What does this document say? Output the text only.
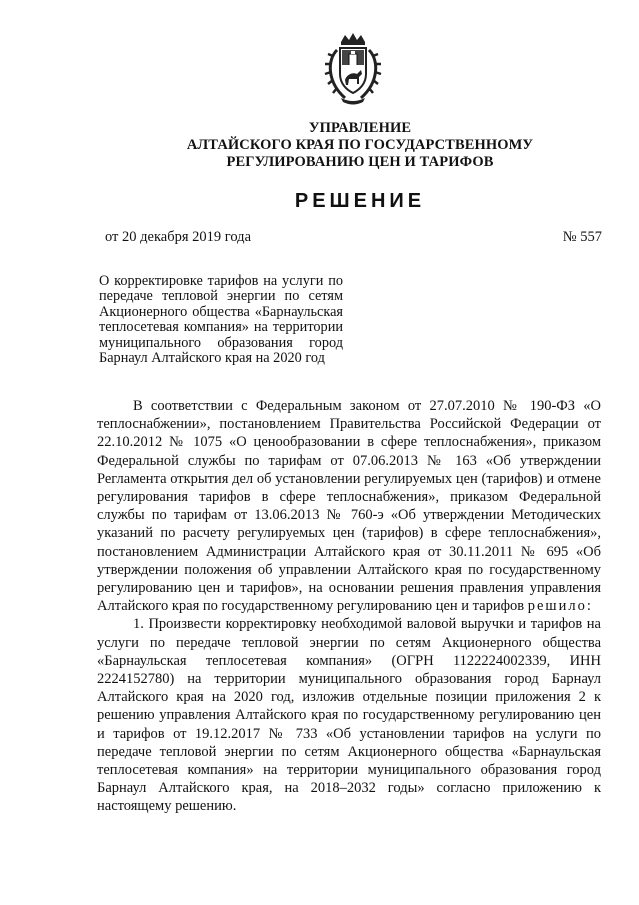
УПРАВЛЕНИЕ
АЛТАЙСКОГО КРАЯ ПО ГОСУДАРСТВЕННОМУ
РЕГУЛИРОВАНИЮ ЦЕН И ТАРИФОВ
РЕШЕНИЕ
от 20 декабря 2019 года	№ 557
О корректировке тарифов на услуги по передаче тепловой энергии по сетям Акционерного общества «Барнаульская теплосетевая компания» на территории муниципального образования город Барнаул Алтайского края на 2020 год

В соответствии с Федеральным законом от 27.07.2010 № 190-ФЗ «О теплоснабжении», постановлением Правительства Российской Федерации от 22.10.2012 № 1075 «О ценообразовании в сфере теплоснабжения», приказом Федеральной службы по тарифам от 07.06.2013 № 163 «Об утверждении Регламента открытия дел об установлении регулируемых цен (тарифов) и отмене регулирования тарифов в сфере теплоснабжения», приказом Федеральной службы по тарифам от 13.06.2013 № 760-э «Об утверждении Методических указаний по расчету регулируемых цен (тарифов) в сфере теплоснабжения», постановлением Администрации Алтайского края от 30.11.2011 № 695 «Об утверждении положения об управлении Алтайского края по государственному регулированию цен и тарифов», на основании решения правления управления Алтайского края по государственному регулированию цен и тарифов решило:

1. Произвести корректировку необходимой валовой выручки и тарифов на услуги по передаче тепловой энергии по сетям Акционерного общества «Барнаульская теплосетевая компания» (ОГРН 1122224002339, ИНН 2224152780) на территории муниципального образования город Барнаул Алтайского края на 2020 год, изложив отдельные позиции приложения 2 к решению управления Алтайского края по государственному регулированию цен и тарифов от 19.12.2017 № 733 «Об установлении тарифов на услуги по передаче тепловой энергии по сетям Акционерного общества «Барнаульская теплосетевая компания» на территории муниципального образования город Барнаул Алтайского края, на 2018–2032 годы» согласно приложению к настоящему решению.
